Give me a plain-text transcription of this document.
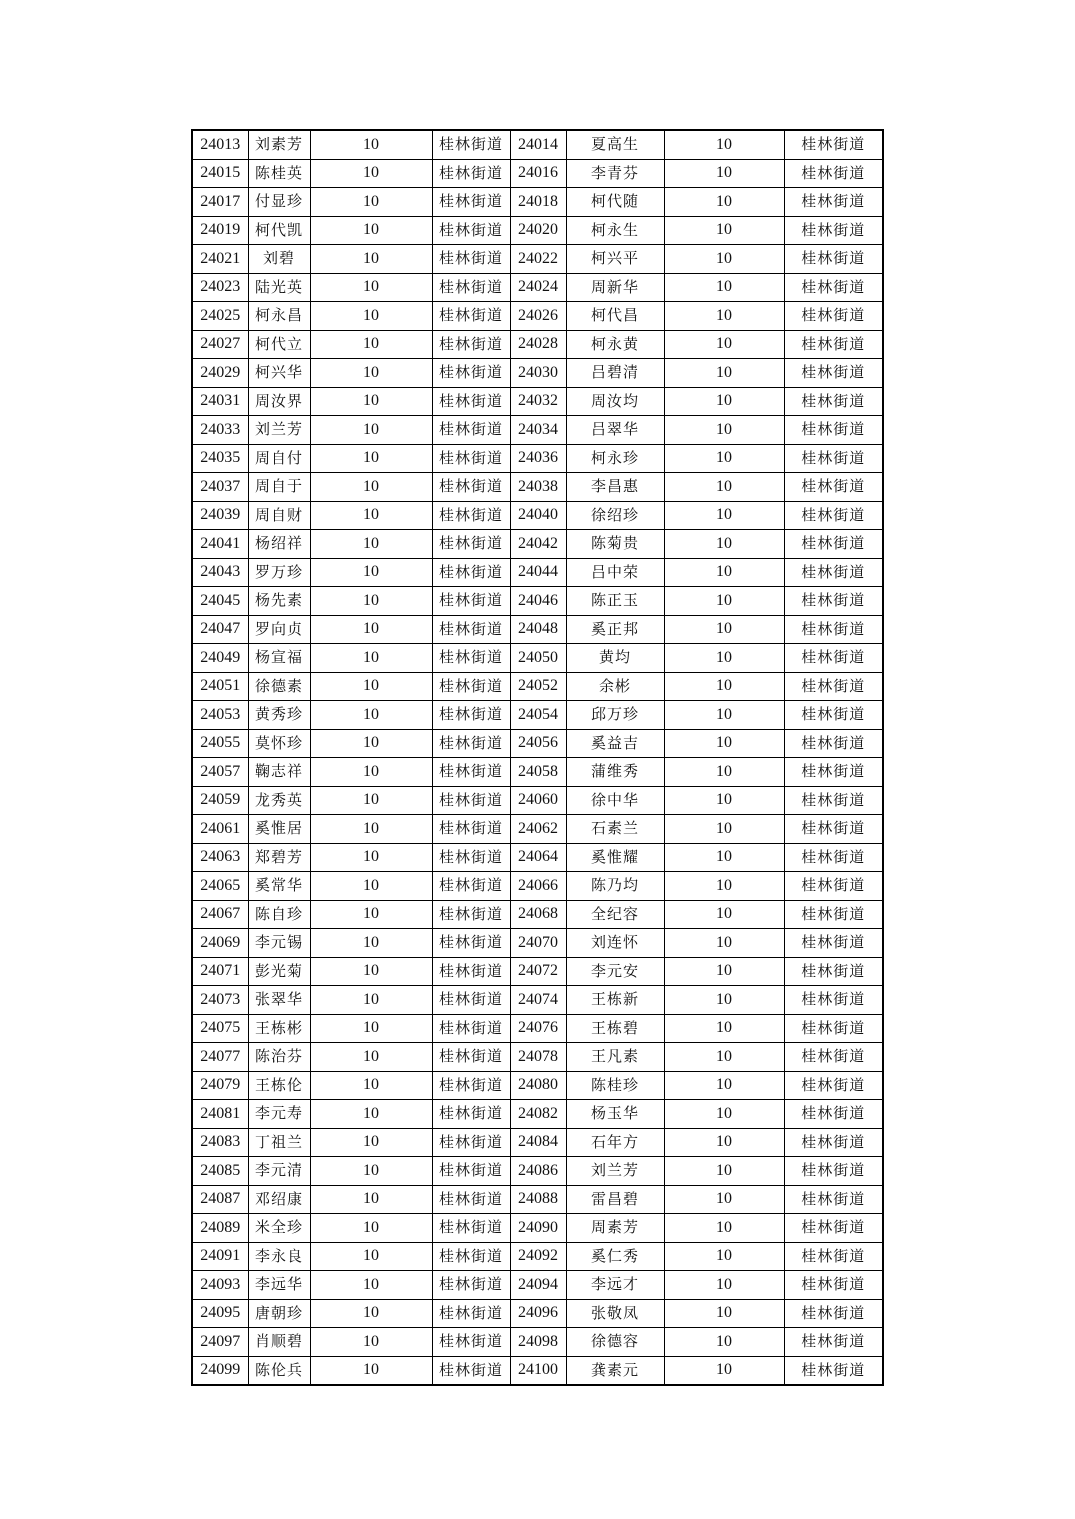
24013	刘素芳	10	桂林街道	24014	夏高生	10	桂林街道
24015	陈桂英	10	桂林街道	24016	李青芬	10	桂林街道
24017	付显珍	10	桂林街道	24018	柯代随	10	桂林街道
24019	柯代凯	10	桂林街道	24020	柯永生	10	桂林街道
24021	刘碧	10	桂林街道	24022	柯兴平	10	桂林街道
24023	陆光英	10	桂林街道	24024	周新华	10	桂林街道
24025	柯永昌	10	桂林街道	24026	柯代昌	10	桂林街道
24027	柯代立	10	桂林街道	24028	柯永黄	10	桂林街道
24029	柯兴华	10	桂林街道	24030	吕碧清	10	桂林街道
24031	周汝界	10	桂林街道	24032	周汝均	10	桂林街道
24033	刘兰芳	10	桂林街道	24034	吕翠华	10	桂林街道
24035	周自付	10	桂林街道	24036	柯永珍	10	桂林街道
24037	周自于	10	桂林街道	24038	李昌惠	10	桂林街道
24039	周自财	10	桂林街道	24040	徐绍珍	10	桂林街道
24041	杨绍祥	10	桂林街道	24042	陈菊贵	10	桂林街道
24043	罗万珍	10	桂林街道	24044	吕中荣	10	桂林街道
24045	杨先素	10	桂林街道	24046	陈正玉	10	桂林街道
24047	罗向贞	10	桂林街道	24048	奚正邦	10	桂林街道
24049	杨宣福	10	桂林街道	24050	黄均	10	桂林街道
24051	徐德素	10	桂林街道	24052	余彬	10	桂林街道
24053	黄秀珍	10	桂林街道	24054	邱万珍	10	桂林街道
24055	莫怀珍	10	桂林街道	24056	奚益吉	10	桂林街道
24057	鞠志祥	10	桂林街道	24058	蒲维秀	10	桂林街道
24059	龙秀英	10	桂林街道	24060	徐中华	10	桂林街道
24061	奚惟居	10	桂林街道	24062	石素兰	10	桂林街道
24063	郑碧芳	10	桂林街道	24064	奚惟耀	10	桂林街道
24065	奚常华	10	桂林街道	24066	陈乃均	10	桂林街道
24067	陈自珍	10	桂林街道	24068	全纪容	10	桂林街道
24069	李元锡	10	桂林街道	24070	刘连怀	10	桂林街道
24071	彭光菊	10	桂林街道	24072	李元安	10	桂林街道
24073	张翠华	10	桂林街道	24074	王栋新	10	桂林街道
24075	王栋彬	10	桂林街道	24076	王栋碧	10	桂林街道
24077	陈治芬	10	桂林街道	24078	王凡素	10	桂林街道
24079	王栋伦	10	桂林街道	24080	陈桂珍	10	桂林街道
24081	李元寿	10	桂林街道	24082	杨玉华	10	桂林街道
24083	丁祖兰	10	桂林街道	24084	石年方	10	桂林街道
24085	李元清	10	桂林街道	24086	刘兰芳	10	桂林街道
24087	邓绍康	10	桂林街道	24088	雷昌碧	10	桂林街道
24089	米全珍	10	桂林街道	24090	周素芳	10	桂林街道
24091	李永良	10	桂林街道	24092	奚仁秀	10	桂林街道
24093	李远华	10	桂林街道	24094	李远才	10	桂林街道
24095	唐朝珍	10	桂林街道	24096	张敬凤	10	桂林街道
24097	肖顺碧	10	桂林街道	24098	徐德容	10	桂林街道
24099	陈伦兵	10	桂林街道	24100	龚素元	10	桂林街道
